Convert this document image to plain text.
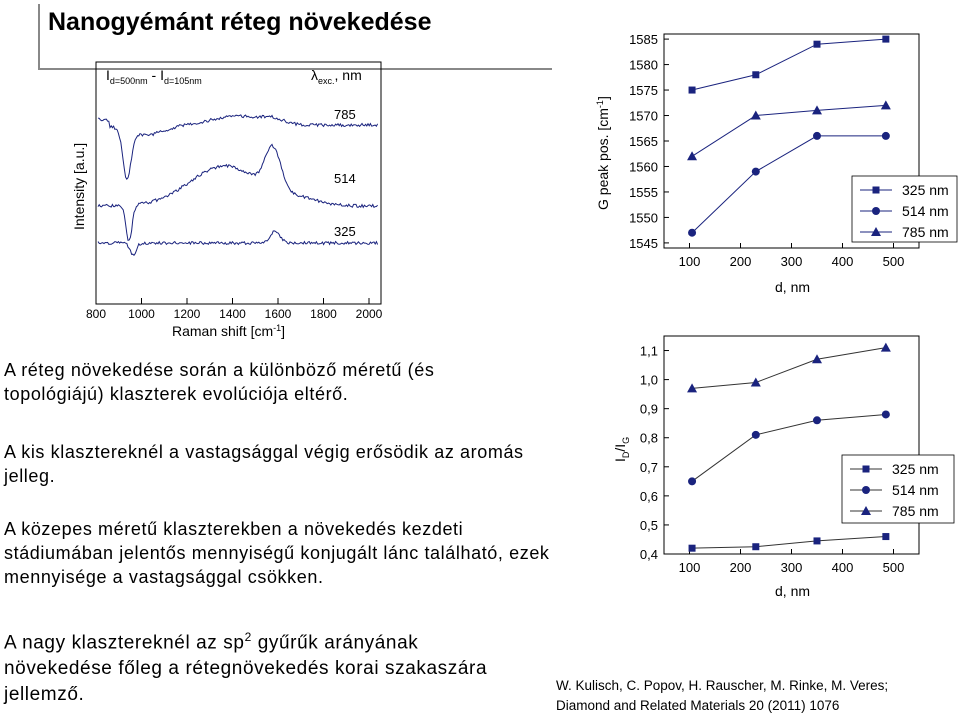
Nanogyémánt réteg növekedése
800 1000 1200 1400 1600 1800 2000
Intensity [a.u.]
Raman shift $[cm^{-1}]$
$I_{d=500nm} - I_{d=105nm}$	$\lambda_{exc.}$, nm
785
514
325
1545
1550
1555
1560
1565
1570
1575
1580
1585
100 200 300 400 500
G peak pos. $[cm^{-1}]$
d, nm
325 nm
514 nm
785 nm
0,4
0,5
0,6
0,7
0,8
0,9
1,0
1,1
100 200 300 400 500
$I_D/I_G$
d, nm
325 nm
514 nm
785 nm

A réteg növekedése során a különböző méretű (és topológiájú) klaszterek evolúciója eltérő.

A kis klasztereknél a vastagsággal végig erősödik az aromás jelleg.

A közepes méretű klaszterekben a növekedés kezdeti stádiumában jelentős mennyiségű konjugált lánc található, ezek mennyisége a vastagsággal csökken.

A nagy klasztereknél az $sp^2$ gyűrűk arányának növekedése főleg a rétegnövekedés korai szakaszára jellemző.	W. Kulisch, C. Popov, H. Rauscher, M. Rinke, M. Veres;
Diamond and Related Materials 20 (2011) 1076
